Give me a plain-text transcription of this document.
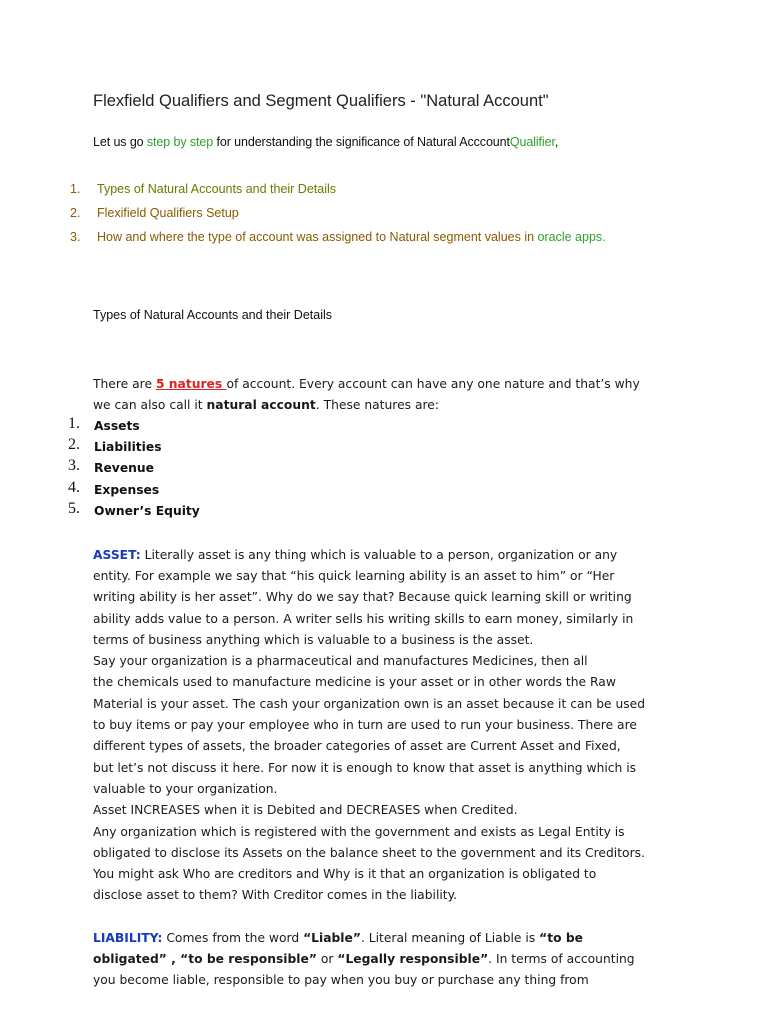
Flexfield Qualifiers and Segment Qualifiers - "Natural Account"
Let us go step by step for understanding the significance of Natural AcccountQualifier,
1. Types of Natural Accounts and their Details
2. Flexifield Qualifiers Setup
3. How and where the type of account was assigned to Natural segment values in oracle apps.
Types of Natural Accounts and their Details
There are 5 natures of account. Every account can have any one nature and that’s why
we can also call it natural account. These natures are:
1. Assets
2. Liabilities
3. Revenue
4. Expenses
5. Owner’s Equity
ASSET: Literally asset is any thing which is valuable to a person, organization or any
entity. For example we say that “his quick learning ability is an asset to him” or “Her
writing ability is her asset”. Why do we say that? Because quick learning skill or writing
ability adds value to a person. A writer sells his writing skills to earn money, similarly in
terms of business anything which is valuable to a business is the asset.
Say your organization is a pharmaceutical and manufactures Medicines, then all
the chemicals used to manufacture medicine is your asset or in other words the Raw
Material is your asset. The cash your organization own is an asset because it can be used
to buy items or pay your employee who in turn are used to run your business. There are
different types of assets, the broader categories of asset are Current Asset and Fixed,
but let’s not discuss it here. For now it is enough to know that asset is anything which is
valuable to your organization.
Asset INCREASES when it is Debited and DECREASES when Credited.
Any organization which is registered with the government and exists as Legal Entity is
obligated to disclose its Assets on the balance sheet to the government and its Creditors.
You might ask Who are creditors and Why is it that an organization is obligated to
disclose asset to them? With Creditor comes in the liability.
LIABILITY: Comes from the word “Liable”. Literal meaning of Liable is “to be
obligated” , “to be responsible” or “Legally responsible”. In terms of accounting
you become liable, responsible to pay when you buy or purchase any thing from
